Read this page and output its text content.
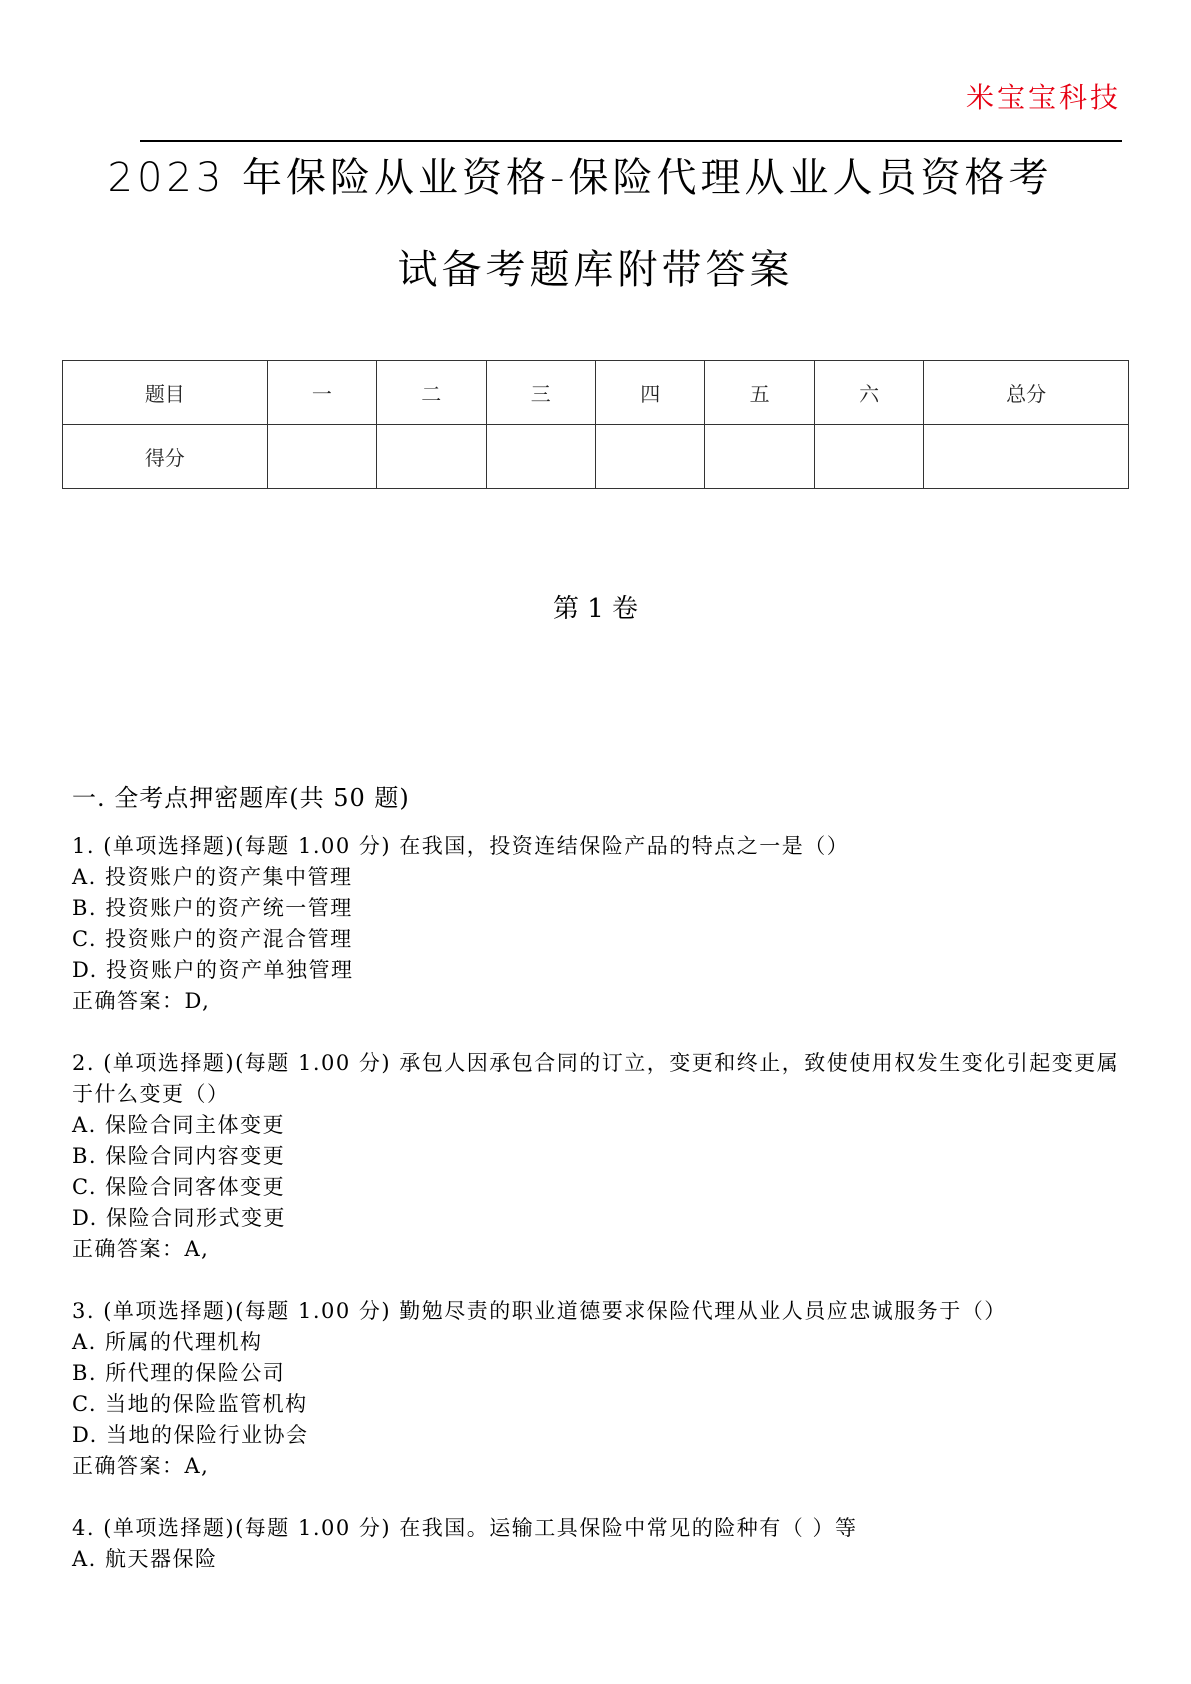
米宝宝科技
2023 年保险从业资格-保险代理从业人员资格考
试备考题库附带答案
题目	一	二	三	四	五	六	总分
得分							
第 1 卷
一. 全考点押密题库(共 50 题)
1. (单项选择题)(每题 1.00 分) 在我国，投资连结保险产品的特点之一是（）
A. 投资账户的资产集中管理
B. 投资账户的资产统一管理
C. 投资账户的资产混合管理
D. 投资账户的资产单独管理
正确答案：D,
2. (单项选择题)(每题 1.00 分) 承包人因承包合同的订立，变更和终止，致使使用权发生变化引起变更属于什么变更（）
A. 保险合同主体变更
B. 保险合同内容变更
C. 保险合同客体变更
D. 保险合同形式变更
正确答案：A,
3. (单项选择题)(每题 1.00 分) 勤勉尽责的职业道德要求保险代理从业人员应忠诚服务于（）
A. 所属的代理机构
B. 所代理的保险公司
C. 当地的保险监管机构
D. 当地的保险行业协会
正确答案：A,
4. (单项选择题)(每题 1.00 分) 在我国。运输工具保险中常见的险种有（ ）等
A. 航天器保险
